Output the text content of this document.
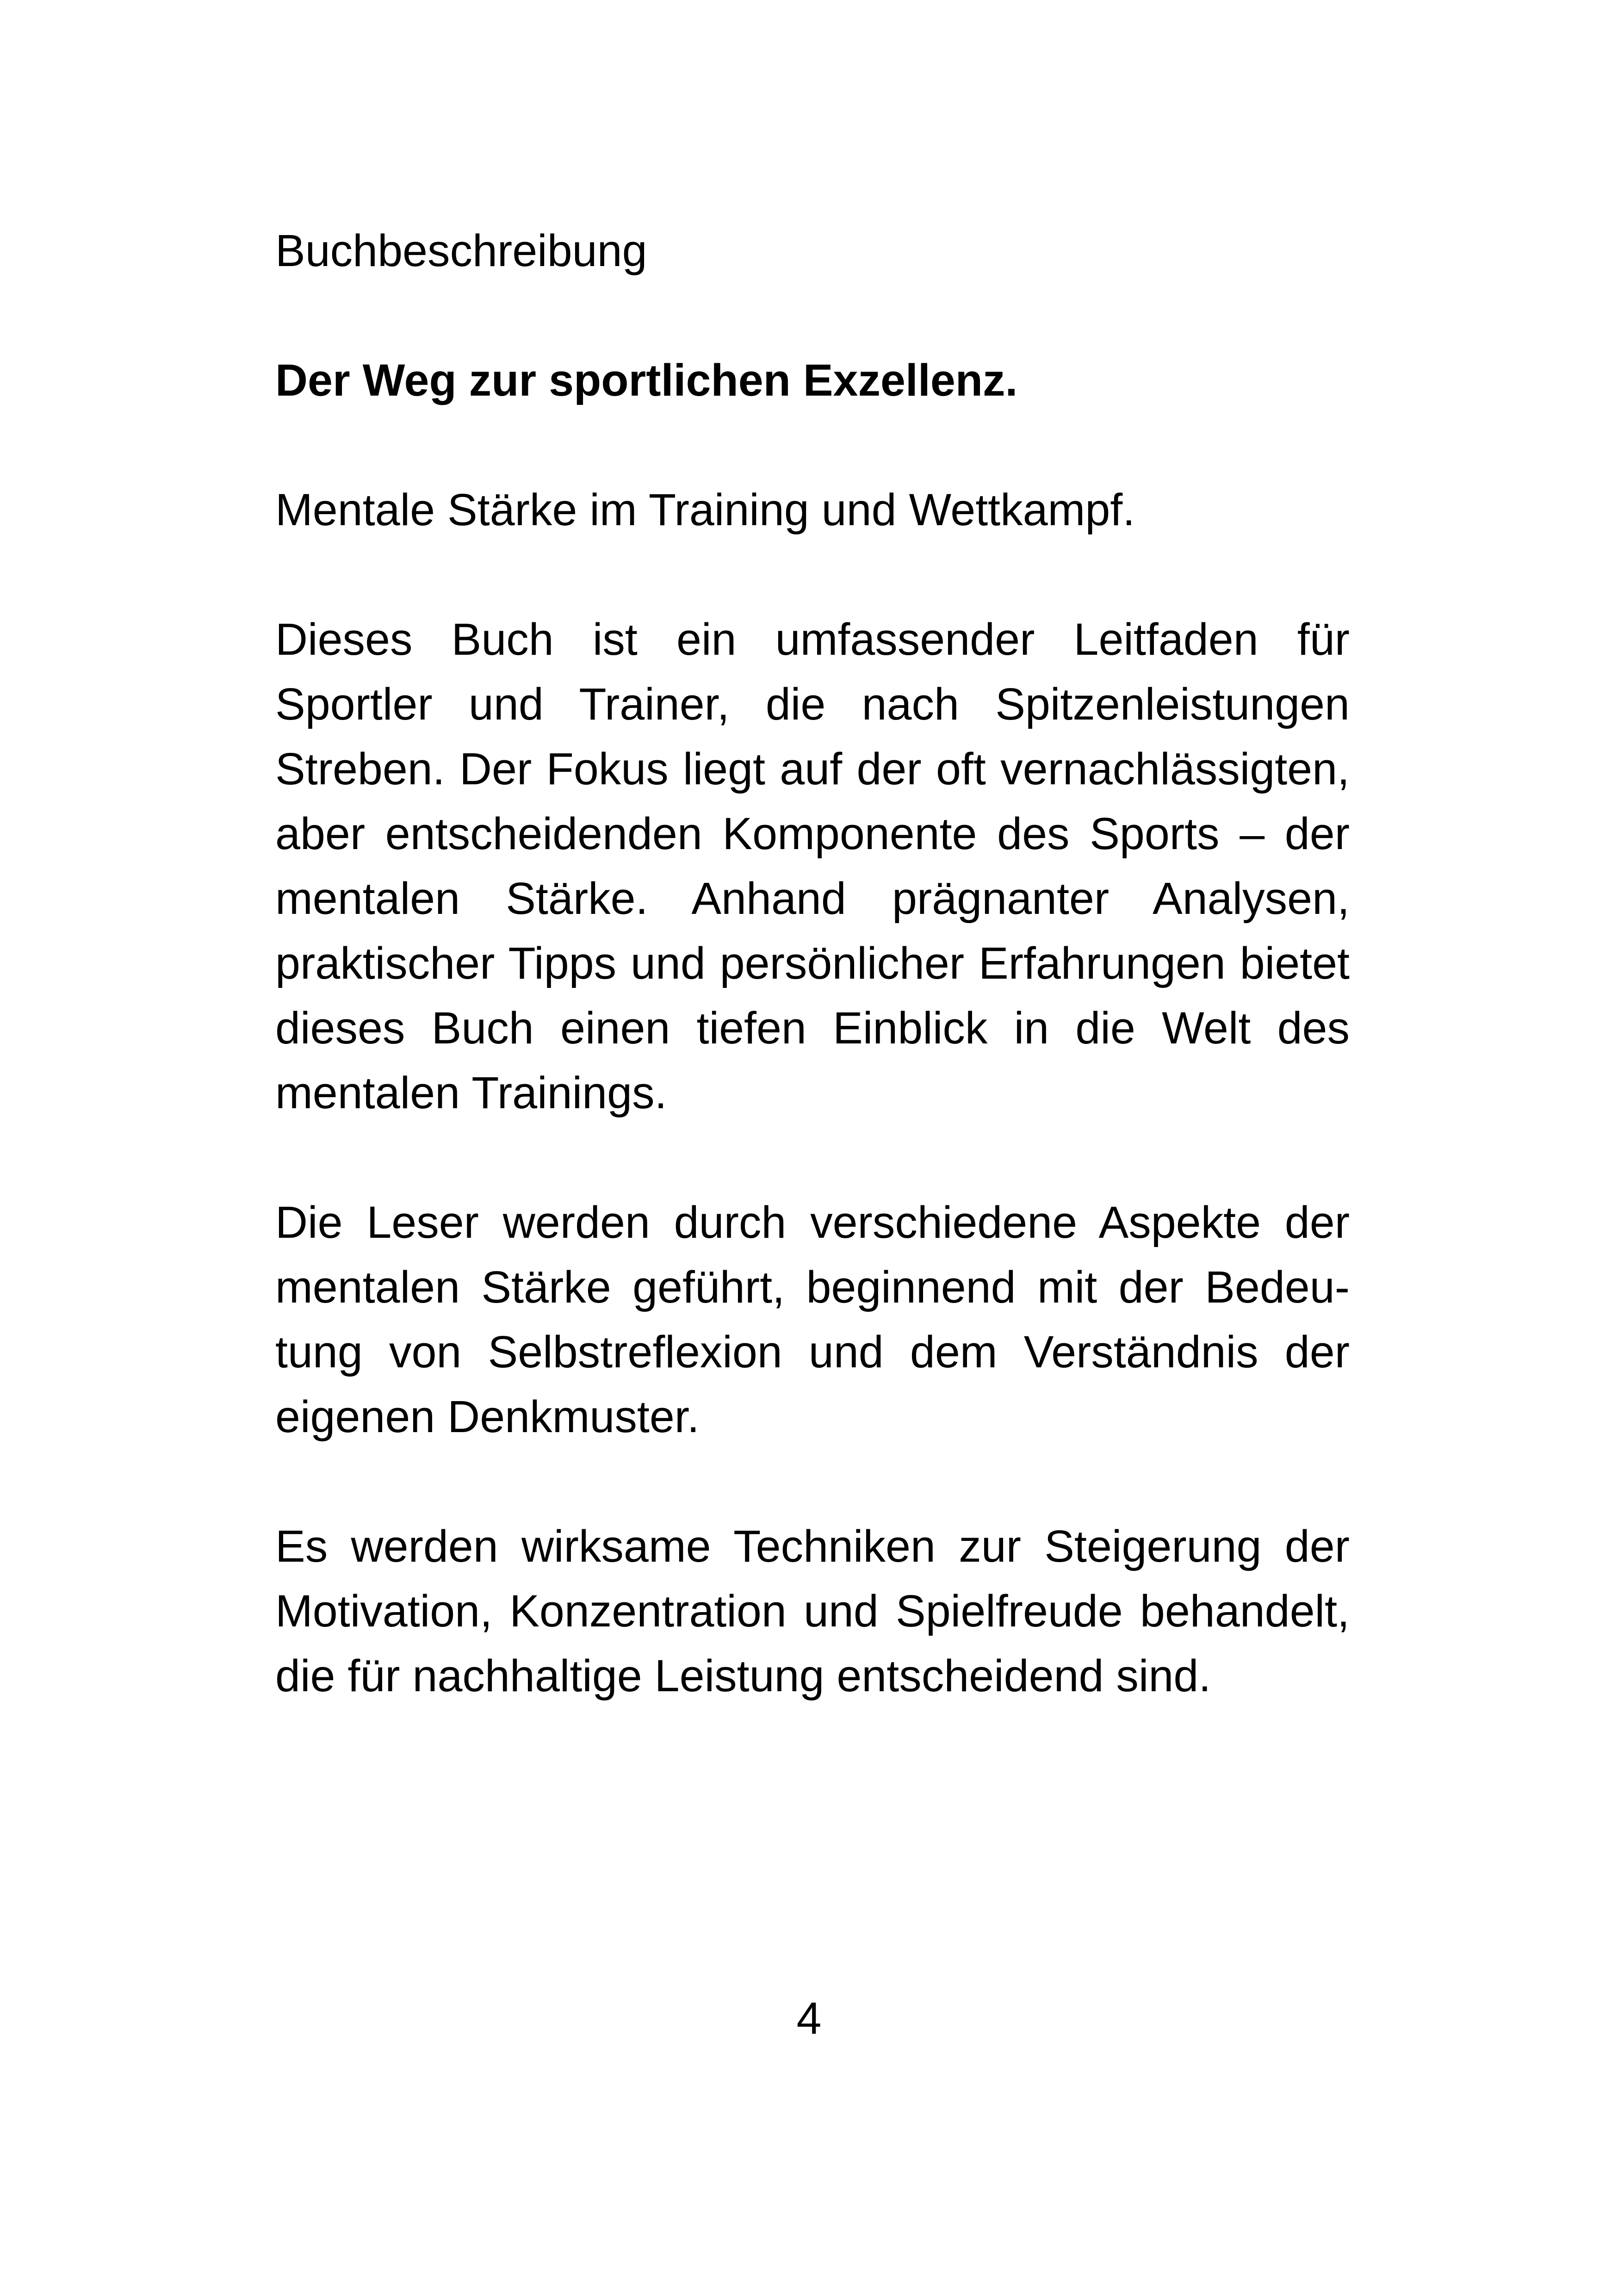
Buchbeschreibung

Der Weg zur sportlichen Exzellenz.

Mentale Stärke im Training und Wettkampf.

Dieses Buch ist ein umfassender Leitfaden für Sportler und Trainer, die nach Spitzenleistungen Streben. Der Fokus liegt auf der oft vernachlässigten, aber entscheidenden Komponente des Sports – der mentalen Stärke. Anhand prägnanter Analysen, praktischer Tipps und persönlicher Erfahrungen bietet dieses Buch einen tiefen Einblick in die Welt des mentalen Trainings.

Die Leser werden durch verschiedene Aspekte der mentalen Stärke geführt, beginnend mit der Bedeutung von Selbstreflexion und dem Verständnis der eigenen Denkmuster.

Es werden wirksame Techniken zur Steigerung der Motivation, Konzentration und Spielfreude behandelt, die für nachhaltige Leistung entscheidend sind.

4
